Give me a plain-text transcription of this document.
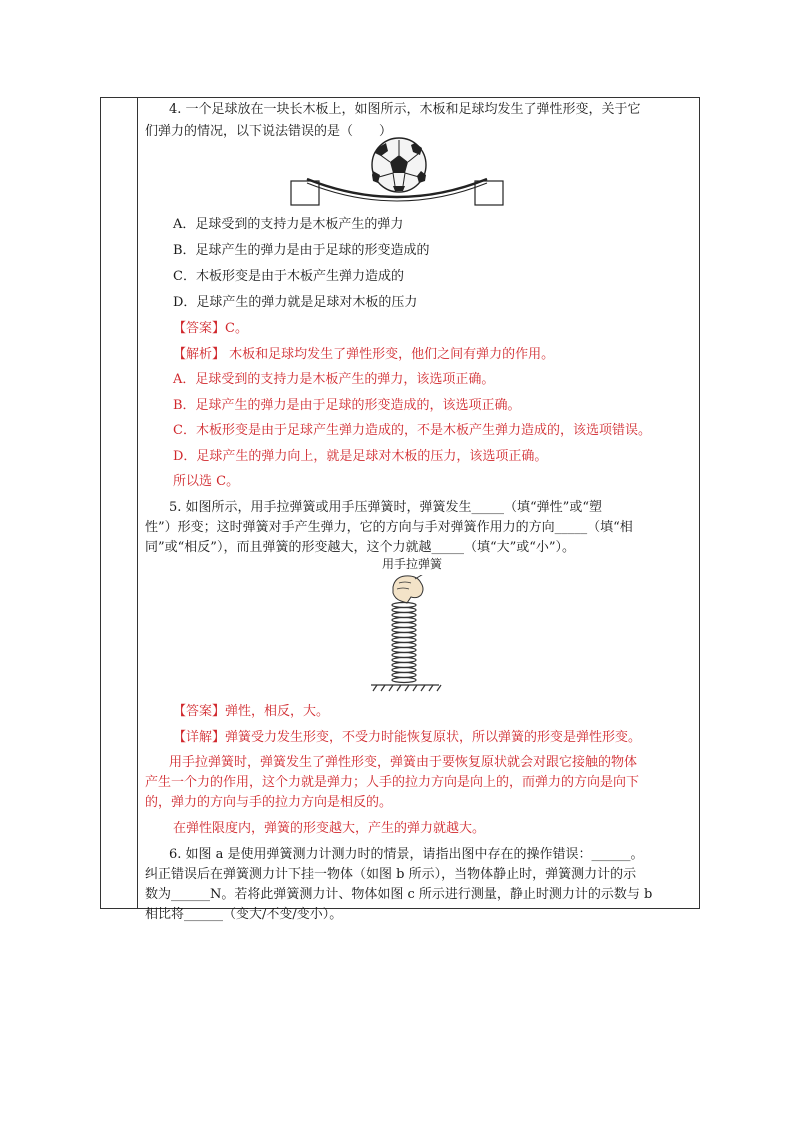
4. 一个足球放在一块长木板上，如图所示，木板和足球均发生了弹性形变，关于它
们弹力的情况，以下说法错误的是（　　）
A．足球受到的支持力是木板产生的弹力
B．足球产生的弹力是由于足球的形变造成的
C．木板形变是由于木板产生弹力造成的
D．足球产生的弹力就是足球对木板的压力
【答案】C。
【解析】 木板和足球均发生了弹性形变，他们之间有弹力的作用。
A．足球受到的支持力是木板产生的弹力，该选项正确。
B．足球产生的弹力是由于足球的形变造成的，该选项正确。
C．木板形变是由于足球产生弹力造成的，不是木板产生弹力造成的，该选项错误。
D．足球产生的弹力向上，就是足球对木板的压力，该选项正确。
所以选 C。
5. 如图所示，用手拉弹簧或用手压弹簧时，弹簧发生_____（填“弹性”或“塑
性”）形变；这时弹簧对手产生弹力，它的方向与手对弹簧作用力的方向_____（填“相
同”或“相反”），而且弹簧的形变越大，这个力就越_____（填“大”或“小”）。
用手拉弹簧
【答案】弹性，相反，大。
【详解】弹簧受力发生形变，不受力时能恢复原状，所以弹簧的形变是弹性形变。
用手拉弹簧时，弹簧发生了弹性形变，弹簧由于要恢复原状就会对跟它接触的物体
产生一个力的作用，这个力就是弹力；人手的拉力方向是向上的，而弹力的方向是向下
的，弹力的方向与手的拉力方向是相反的。
在弹性限度内，弹簧的形变越大，产生的弹力就越大。
6. 如图 a 是使用弹簧测力计测力时的情景，请指出图中存在的操作错误：______。
纠正错误后在弹簧测力计下挂一物体（如图 b 所示），当物体静止时，弹簧测力计的示
数为______N。若将此弹簧测力计、物体如图 c 所示进行测量，静止时测力计的示数与 b
相比将______（变大/不变/变小）。
